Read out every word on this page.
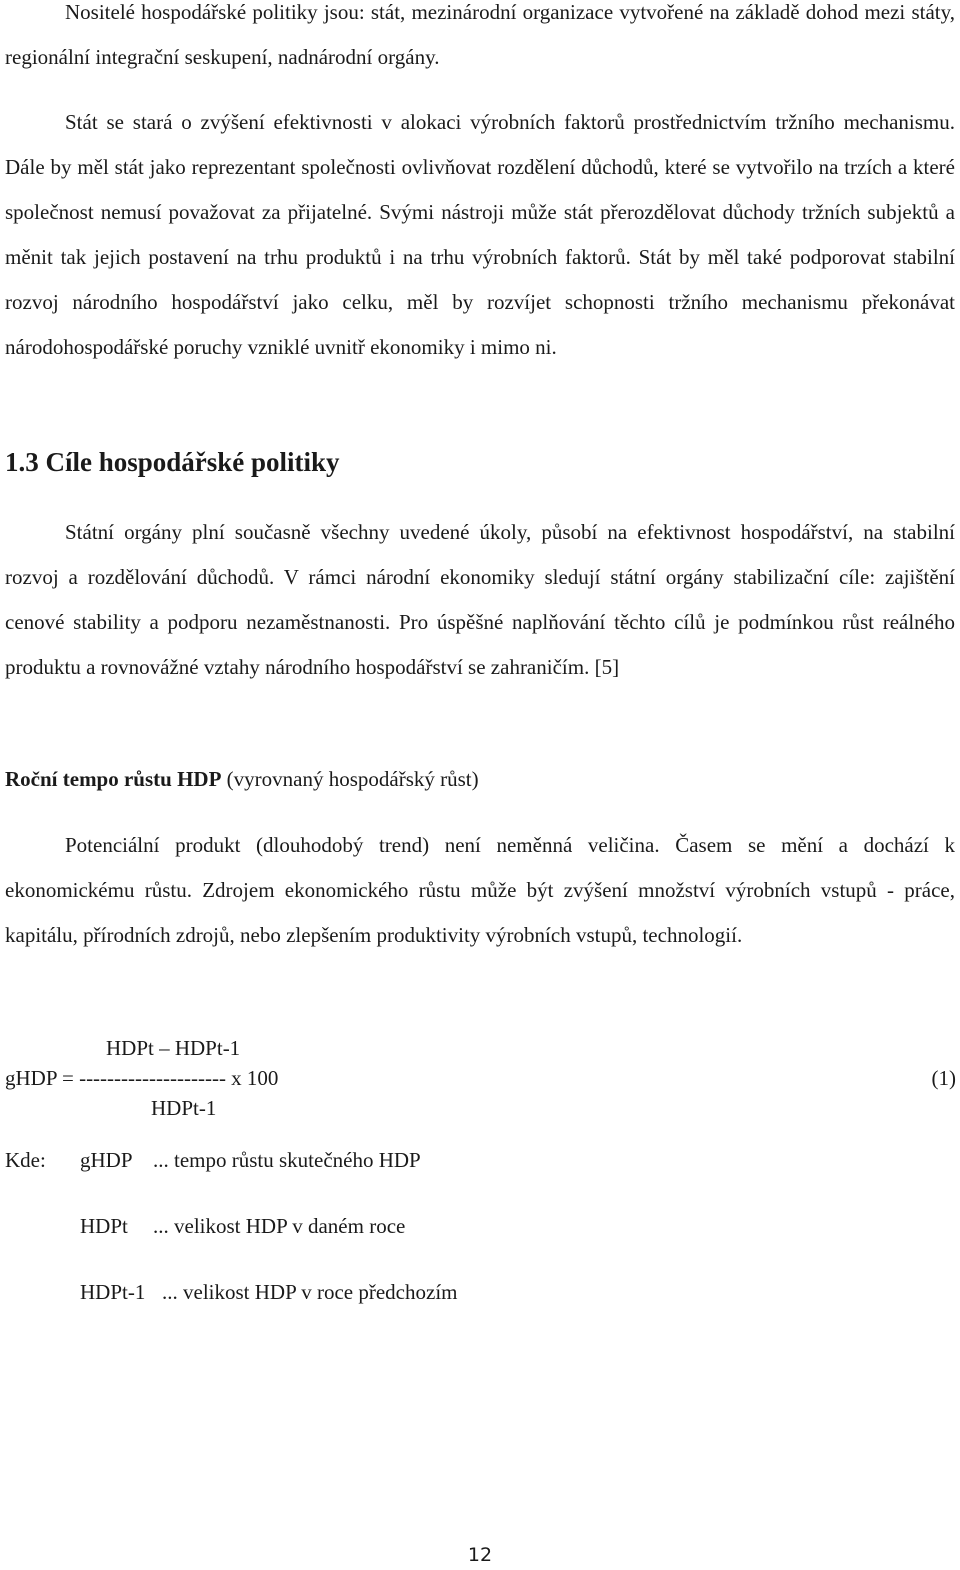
Nositelé hospodářské politiky jsou: stát, mezinárodní organizace vytvořené na základě dohod mezi státy, regionální integrační seskupení, nadnárodní orgány.

Stát se stará o zvýšení efektivnosti v alokaci výrobních faktorů prostřednictvím tržního mechanismu. Dále by měl stát jako reprezentant společnosti ovlivňovat rozdělení důchodů, které se vytvořilo na trzích a které společnost nemusí považovat za přijatelné. Svými nástroji může stát přerozdělovat důchody tržních subjektů a měnit tak jejich postavení na trhu produktů i na trhu výrobních faktorů. Stát by měl také podporovat stabilní rozvoj národního hospodářství jako celku, měl by rozvíjet schopnosti tržního mechanismu překonávat národohospodářské poruchy vzniklé uvnitř ekonomiky i mimo ni.

1.3 Cíle hospodářské politiky

Státní orgány plní současně všechny uvedené úkoly, působí na efektivnost hospodářství, na stabilní rozvoj a rozdělování důchodů. V rámci národní ekonomiky sledují státní orgány stabilizační cíle: zajištění cenové stability a podporu nezaměstnanosti. Pro úspěšné naplňování těchto cílů je podmínkou růst reálného produktu a rovnovážné vztahy národního hospodářství se zahraničím. [5]

Roční tempo růstu HDP (vyrovnaný hospodářský růst)

Potenciální produkt (dlouhodobý trend) není neměnná veličina. Časem se mění a dochází k ekonomickému růstu. Zdrojem ekonomického růstu může být zvýšení množství výrobních vstupů - práce, kapitálu, přírodních zdrojů, nebo zlepšením produktivity výrobních vstupů, technologií.

HDPt – HDPt-1
gHDP = --------------------- x 100
HDPt-1
(1)
Kde: gHDP ... tempo růstu skutečného HDP
HDPt ... velikost HDP v daném roce
HDPt-1 ... velikost HDP v roce předchozím
12
